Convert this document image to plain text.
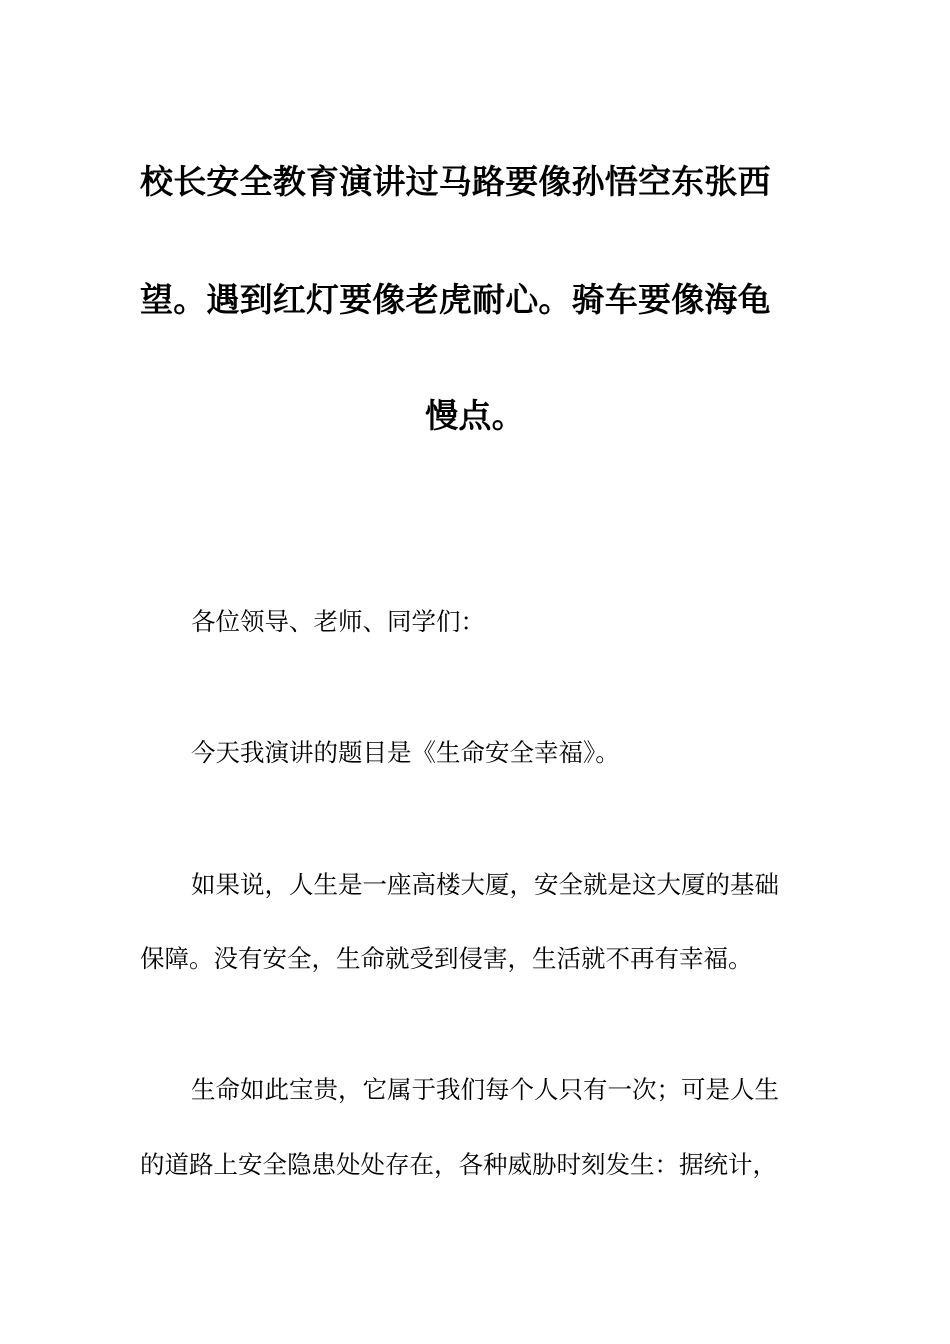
校长安全教育演讲过马路要像孙悟空东张西
望。遇到红灯要像老虎耐心。骑车要像海龟
慢点。
各位领导、老师、同学们：
今天我演讲的题目是《生命安全幸福》。
如果说，人生是一座高楼大厦，安全就是这大厦的基础
保障。没有安全，生命就受到侵害，生活就不再有幸福。
生命如此宝贵，它属于我们每个人只有一次；可是人生
的道路上安全隐患处处存在，各种威胁时刻发生：据统计，
